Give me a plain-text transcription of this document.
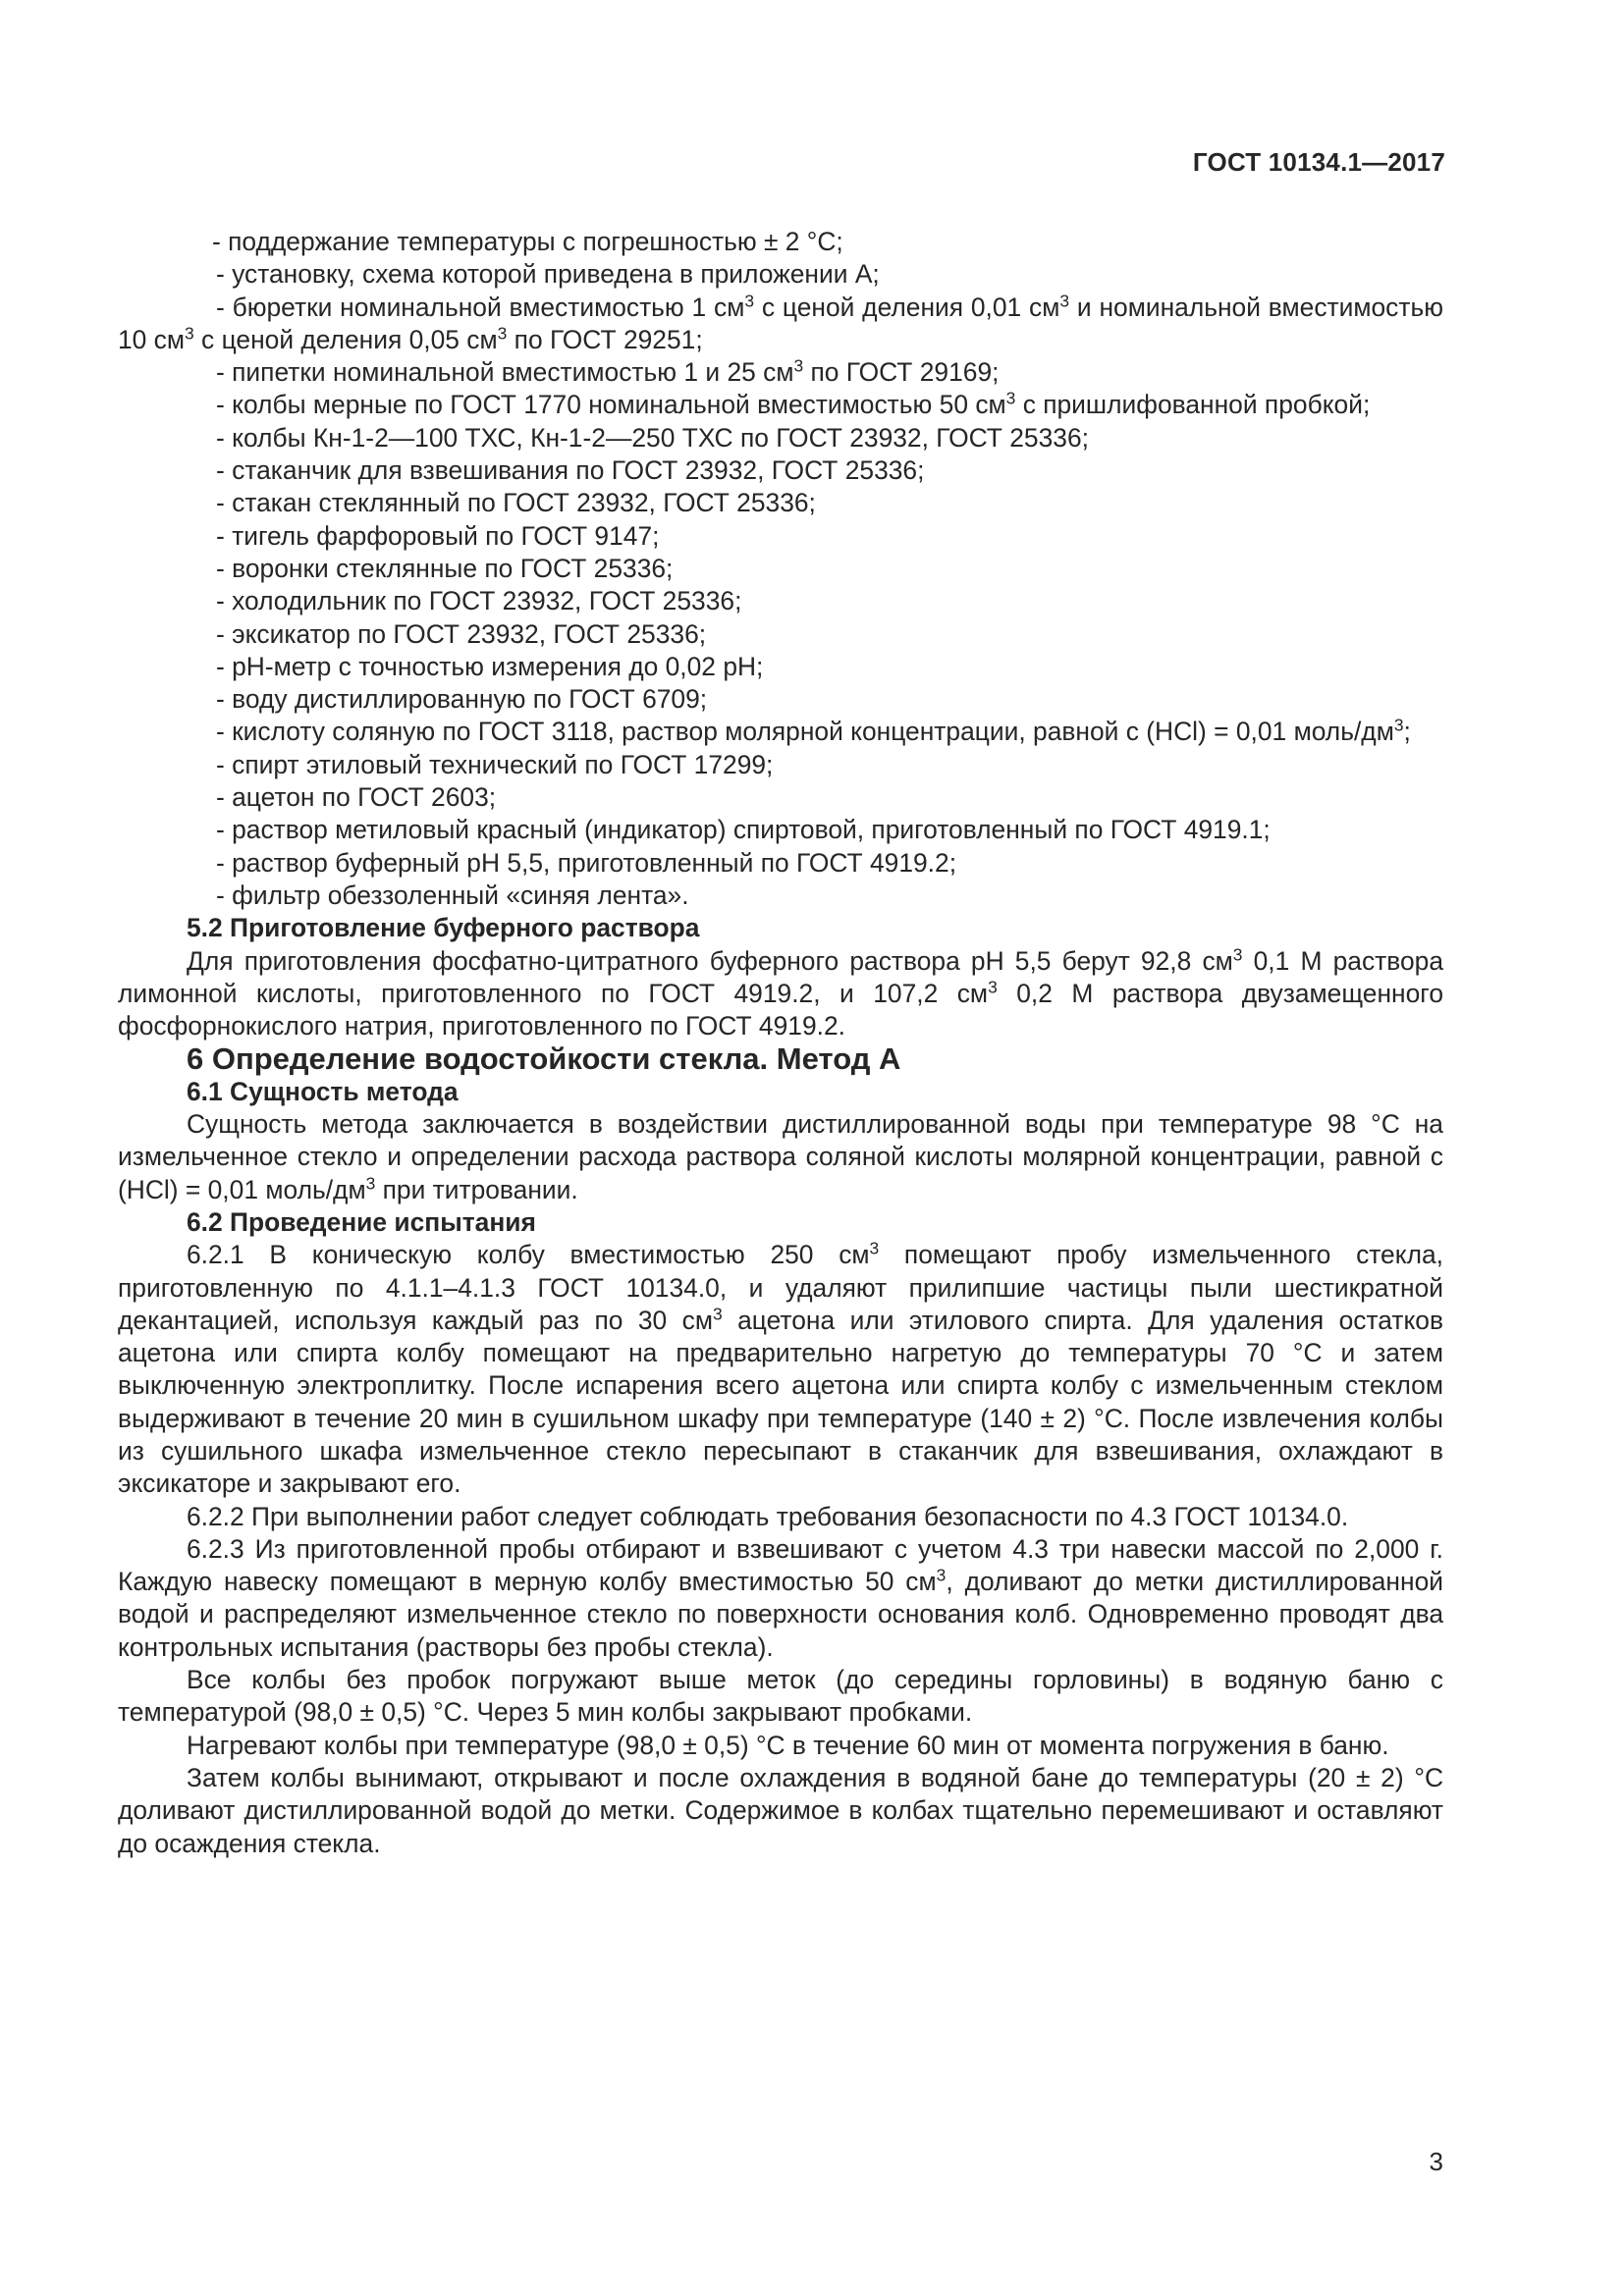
ГОСТ 10134.1—2017

- поддержание температуры с погрешностью ± 2 °С;

- установку, схема которой приведена в приложении А;

- бюретки номинальной вместимостью 1 $см^3$ с ценой деления 0,01 $см^3$ и номинальной вместимостью 10 $см^3$ с ценой деления 0,05 $см^3$ по ГОСТ 29251;

- пипетки номинальной вместимостью 1 и 25 $см^3$ по ГОСТ 29169;

- колбы мерные по ГОСТ 1770 номинальной вместимостью 50 $см^3$ с пришлифованной пробкой;

- колбы Кн-1-2—100 ТХС, Кн-1-2—250 ТХС по ГОСТ 23932, ГОСТ 25336;

- стаканчик для взвешивания по ГОСТ 23932, ГОСТ 25336;

- стакан стеклянный по ГОСТ 23932, ГОСТ 25336;

- тигель фарфоровый по ГОСТ 9147;

- воронки стеклянные по ГОСТ 25336;

- холодильник по ГОСТ 23932, ГОСТ 25336;

- эксикатор по ГОСТ 23932, ГОСТ 25336;

- pH-метр с точностью измерения до 0,02 pH;

- воду дистиллированную по ГОСТ 6709;

- кислоту соляную по ГОСТ 3118, раствор молярной концентрации, равной c (HCl) = 0,01 моль/$дм^3$;

- спирт этиловый технический по ГОСТ 17299;

- ацетон по ГОСТ 2603;

- раствор метиловый красный (индикатор) спиртовой, приготовленный по ГОСТ 4919.1;

- раствор буферный pH 5,5, приготовленный по ГОСТ 4919.2;

- фильтр обеззоленный «синяя лента».

5.2 Приготовление буферного раствора

Для приготовления фосфатно-цитратного буферного раствора pH 5,5 берут 92,8 $см^3$ 0,1 М раствора лимонной кислоты, приготовленного по ГОСТ 4919.2, и 107,2 $см^3$ 0,2 М раствора двузамещенного фосфорнокислого натрия, приготовленного по ГОСТ 4919.2.

6 Определение водостойкости стекла. Метод А

6.1 Сущность метода

Сущность метода заключается в воздействии дистиллированной воды при температуре 98 °С на измельченное стекло и определении расхода раствора соляной кислоты молярной концентрации, равной c (HCl) = 0,01 моль/$дм^3$ при титровании.

6.2 Проведение испытания

6.2.1 В коническую колбу вместимостью 250 $см^3$ помещают пробу измельченного стекла, приготовленную по 4.1.1–4.1.3 ГОСТ 10134.0, и удаляют прилипшие частицы пыли шестикратной декантацией, используя каждый раз по 30 $см^3$ ацетона или этилового спирта. Для удаления остатков ацетона или спирта колбу помещают на предварительно нагретую до температуры 70 °С и затем выключенную электроплитку. После испарения всего ацетона или спирта колбу с измельченным стеклом выдерживают в течение 20 мин в сушильном шкафу при температуре (140 ± 2) °С. После извлечения колбы из сушильного шкафа измельченное стекло пересыпают в стаканчик для взвешивания, охлаждают в эксикаторе и закрывают его.

6.2.2 При выполнении работ следует соблюдать требования безопасности по 4.3 ГОСТ 10134.0.

6.2.3 Из приготовленной пробы отбирают и взвешивают с учетом 4.3 три навески массой по 2,000 г. Каждую навеску помещают в мерную колбу вместимостью 50 $см^3$, доливают до метки дистиллированной водой и распределяют измельченное стекло по поверхности основания колб. Одновременно проводят два контрольных испытания (растворы без пробы стекла).

Все колбы без пробок погружают выше меток (до середины горловины) в водяную баню с температурой (98,0 ± 0,5) °С. Через 5 мин колбы закрывают пробками.

Нагревают колбы при температуре (98,0 ± 0,5) °С в течение 60 мин от момента погружения в баню.

Затем колбы вынимают, открывают и после охлаждения в водяной бане до температуры (20 ± 2) °С доливают дистиллированной водой до метки. Содержимое в колбах тщательно перемешивают и оставляют до осаждения стекла.

3
